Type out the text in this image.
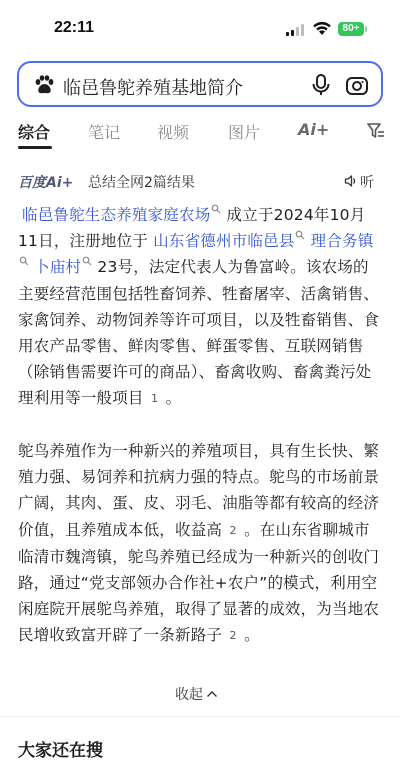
22:11	80+
临邑鲁鸵养殖基地简介
综合 笔记 视频 图片 Ai+
百度Ai+ 总结全网2篇结果	听
临邑鲁鸵生态养殖家庭农场 成立于2024年10月11日，注册地位于 山东省德州市临邑县 理合务镇 卜庙村 23号，法定代表人为鲁富岭。该农场的主要经营范围包括牲畜饲养、牲畜屠宰、活禽销售、家禽饲养、动物饲养等许可项目，以及牲畜销售、食用农产品零售、鲜肉零售、鲜蛋零售、互联网销售（除销售需要许可的商品）、畜禽收购、畜禽粪污处理利用等一般项目 1 。
鸵鸟养殖作为一种新兴的养殖项目，具有生长快、繁殖力强、易饲养和抗病力强的特点。鸵鸟的市场前景广阔，其肉、蛋、皮、羽毛、油脂等都有较高的经济价值，且养殖成本低，收益高 2 。在山东省聊城市临清市魏湾镇，鸵鸟养殖已经成为一种新兴的创收门路，通过“党支部领办合作社+农户”的模式，利用空闲庭院开展鸵鸟养殖，取得了显著的成效，为当地农民增收致富开辟了一条新路子 2 。
收起
大家还在搜
